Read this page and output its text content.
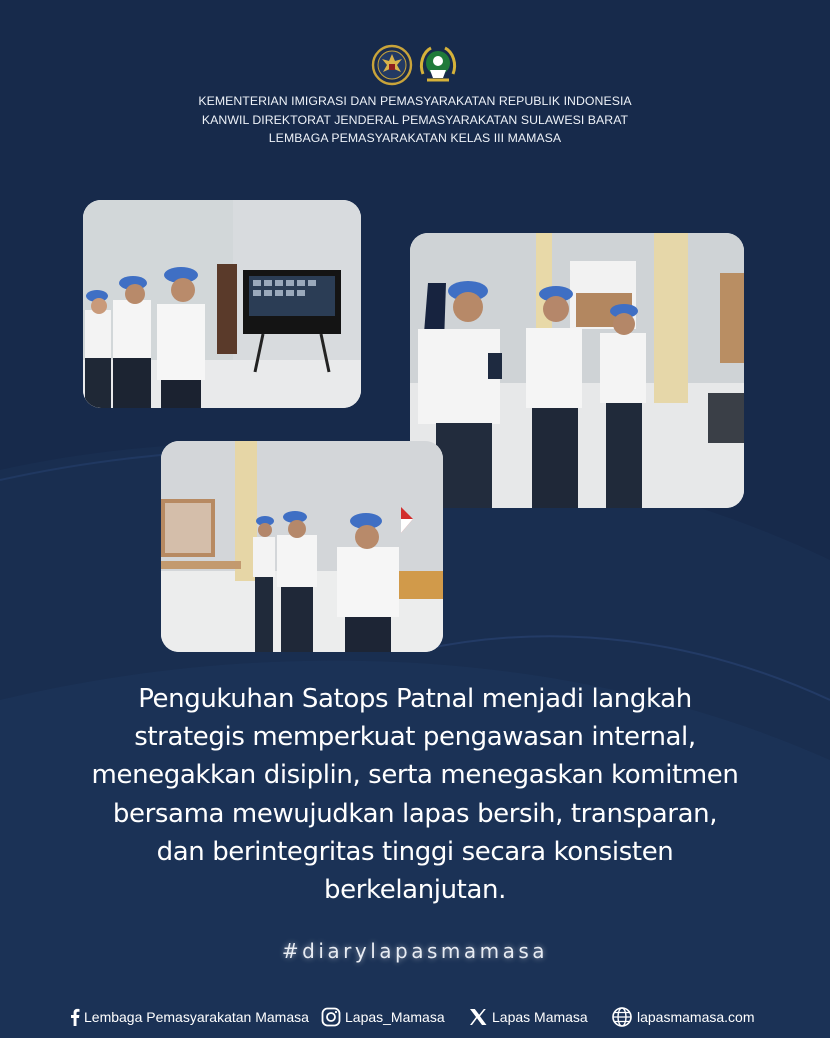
KEMENTERIAN IMIGRASI DAN PEMASYARAKATAN REPUBLIK INDONESIA
KANWIL DIREKTORAT JENDERAL PEMASYARAKATAN SULAWESI BARAT
LEMBAGA PEMASYARAKATAN KELAS III MAMASA
Pengukuhan Satops Patnal menjadi langkah
strategis memperkuat pengawasan internal,
menegakkan disiplin, serta menegaskan komitmen
bersama mewujudkan lapas bersih, transparan,
dan berintegritas tinggi secara konsisten
berkelanjutan.
#diarylapasmamasa
Lembaga Pemasyarakatan Mamasa	Lapas_Mamasa	Lapas Mamasa	lapasmamasa.com
